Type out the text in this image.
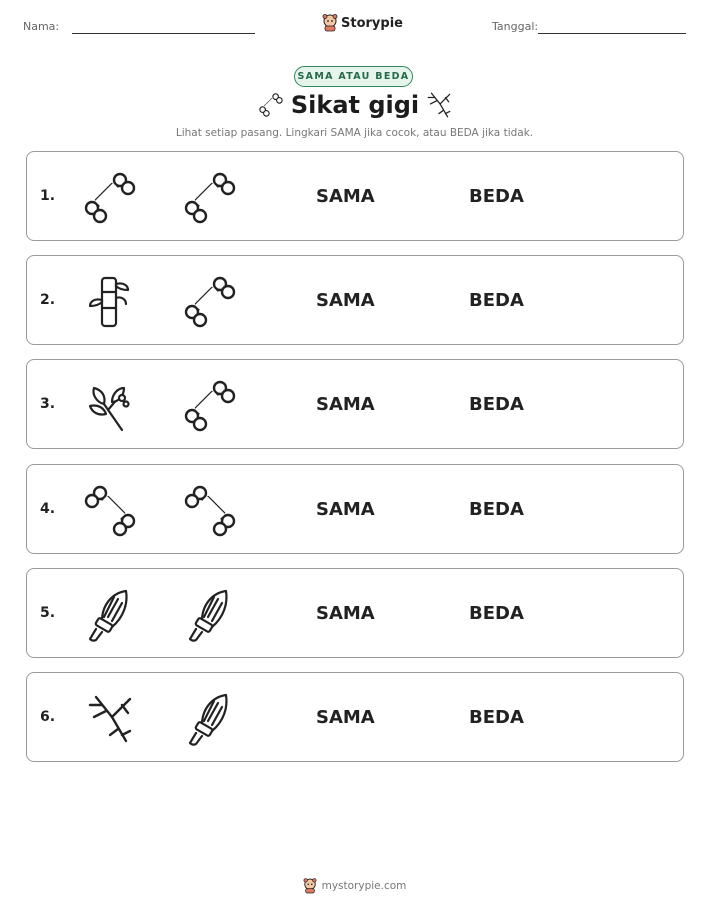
Nama:	Storypie	Tanggal:
SAMA ATAU BEDA
Sikat gigi
Lihat setiap pasang. Lingkari SAMA jika cocok, atau BEDA jika tidak.
1.	SAMA	BEDA
2.	SAMA	BEDA
3.	SAMA	BEDA
4.	SAMA	BEDA
5.	SAMA	BEDA
6.	SAMA	BEDA
mystorypie.com
